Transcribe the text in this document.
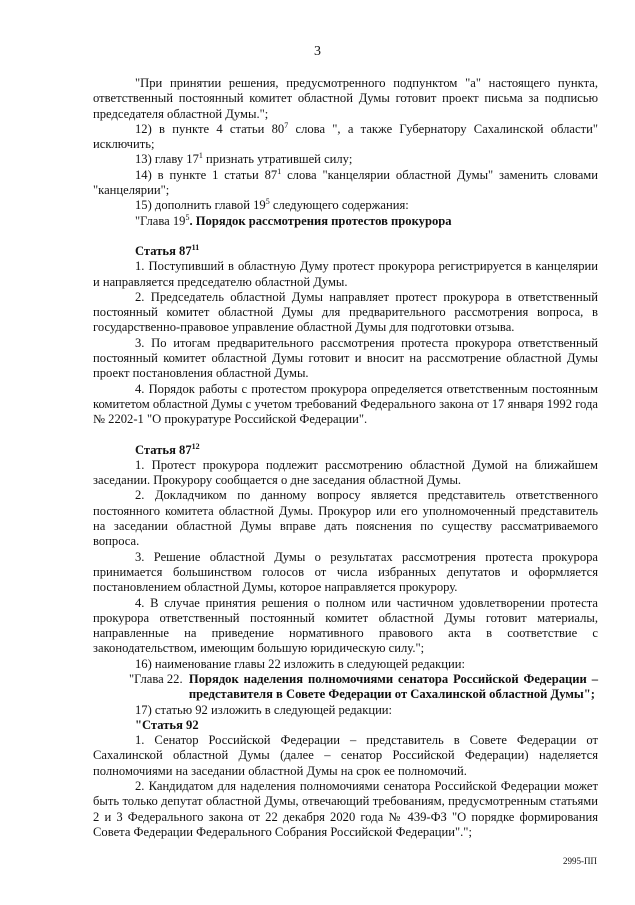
3

"При принятии решения, предусмотренного подпунктом "а" настоящего пункта, ответственный постоянный комитет областной Думы готовит проект письма за подписью председателя областной Думы.";

12) в пункте 4 статьи $80^7$ слова ", а также Губернатору Сахалинской области" исключить;

13) главу $17^1$ признать утратившей силу;

14) в пункте 1 статьи $87^1$ слова "канцелярии областной Думы" заменить словами "канцелярии";

15) дополнить главой $19^5$ следующего содержания:

"Глава $19^5$. Порядок рассмотрения протестов прокурора

Статья $87^{11}$

1. Поступивший в областную Думу протест прокурора регистрируется в канцелярии и направляется председателю областной Думы.

2. Председатель областной Думы направляет протест прокурора в ответственный постоянный комитет областной Думы для предварительного рассмотрения вопроса, в государственно-правовое управление областной Думы для подготовки отзыва.

3. По итогам предварительного рассмотрения протеста прокурора ответственный постоянный комитет областной Думы готовит и вносит на рассмотрение областной Думы проект постановления областной Думы.

4. Порядок работы с протестом прокурора определяется ответственным постоянным комитетом областной Думы с учетом требований Федерального закона от 17 января 1992 года № 2202-1 "О прокуратуре Российской Федерации".

Статья $87^{12}$

1. Протест прокурора подлежит рассмотрению областной Думой на ближайшем заседании. Прокурору сообщается о дне заседания областной Думы.

2. Докладчиком по данному вопросу является представитель ответственного постоянного комитета областной Думы. Прокурор или его уполномоченный представитель на заседании областной Думы вправе дать пояснения по существу рассматриваемого вопроса.

3. Решение областной Думы о результатах рассмотрения протеста прокурора принимается большинством голосов от числа избранных депутатов и оформляется постановлением областной Думы, которое направляется прокурору.

4. В случае принятия решения о полном или частичном удовлетворении протеста прокурора ответственный постоянный комитет областной Думы готовит материалы, направленные на приведение нормативного правового акта в соответствие с законодательством, имеющим большую юридическую силу.";

16) наименование главы 22 изложить в следующей редакции:

"Глава 22. Порядок наделения полномочиями сенатора Российской Федерации – представителя в Совете Федерации от Сахалинской областной Думы";

17) статью 92 изложить в следующей редакции:

"Статья 92

1. Сенатор Российской Федерации – представитель в Совете Федерации от Сахалинской областной Думы (далее – сенатор Российской Федерации) наделяется полномочиями на заседании областной Думы на срок ее полномочий.

2. Кандидатом для наделения полномочиями сенатора Российской Федерации может быть только депутат областной Думы, отвечающий требованиям, предусмотренным статьями 2 и 3 Федерального закона от 22 декабря 2020 года № 439-ФЗ "О порядке формирования Совета Федерации Федерального Собрания Российской Федерации".";

2995-ПП
